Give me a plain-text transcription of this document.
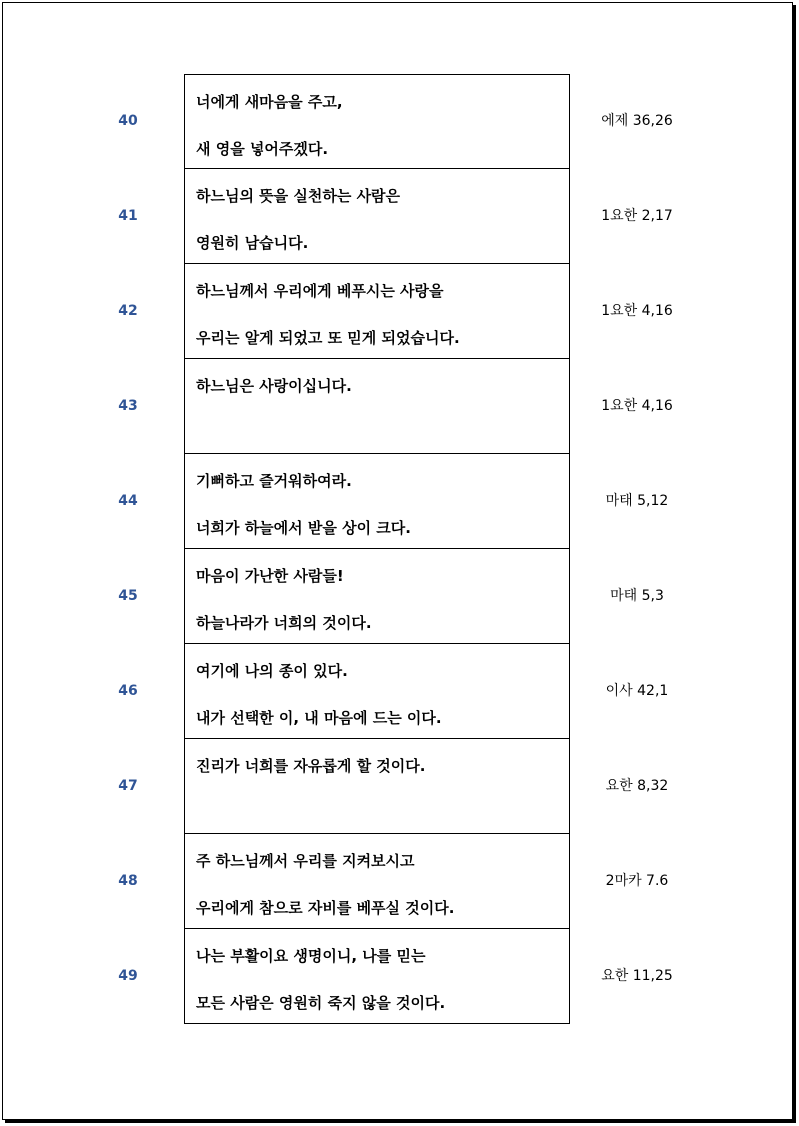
40
너에게 새마음을 주고,
새 영을 넣어주겠다.
에제 36,26
41
하느님의 뜻을 실천하는 사람은
영원히 남습니다.
1요한 2,17
42
하느님께서 우리에게 베푸시는 사랑을
우리는 알게 되었고 또 믿게 되었습니다.
1요한 4,16
43
하느님은 사랑이십니다.
1요한 4,16
44
기뻐하고 즐거워하여라.
너희가 하늘에서 받을 상이 크다.
마태 5,12
45
마음이 가난한 사람들!
하늘나라가 너희의 것이다.
마태 5,3
46
여기에 나의 종이 있다.
내가 선택한 이, 내 마음에 드는 이다.
이사 42,1
47
진리가 너희를 자유롭게 할 것이다.
요한 8,32
48
주 하느님께서 우리를 지켜보시고
우리에게 참으로 자비를 베푸실 것이다.
2마카 7.6
49
나는 부활이요 생명이니, 나를 믿는
모든 사람은 영원히 죽지 않을 것이다.
요한 11,25
